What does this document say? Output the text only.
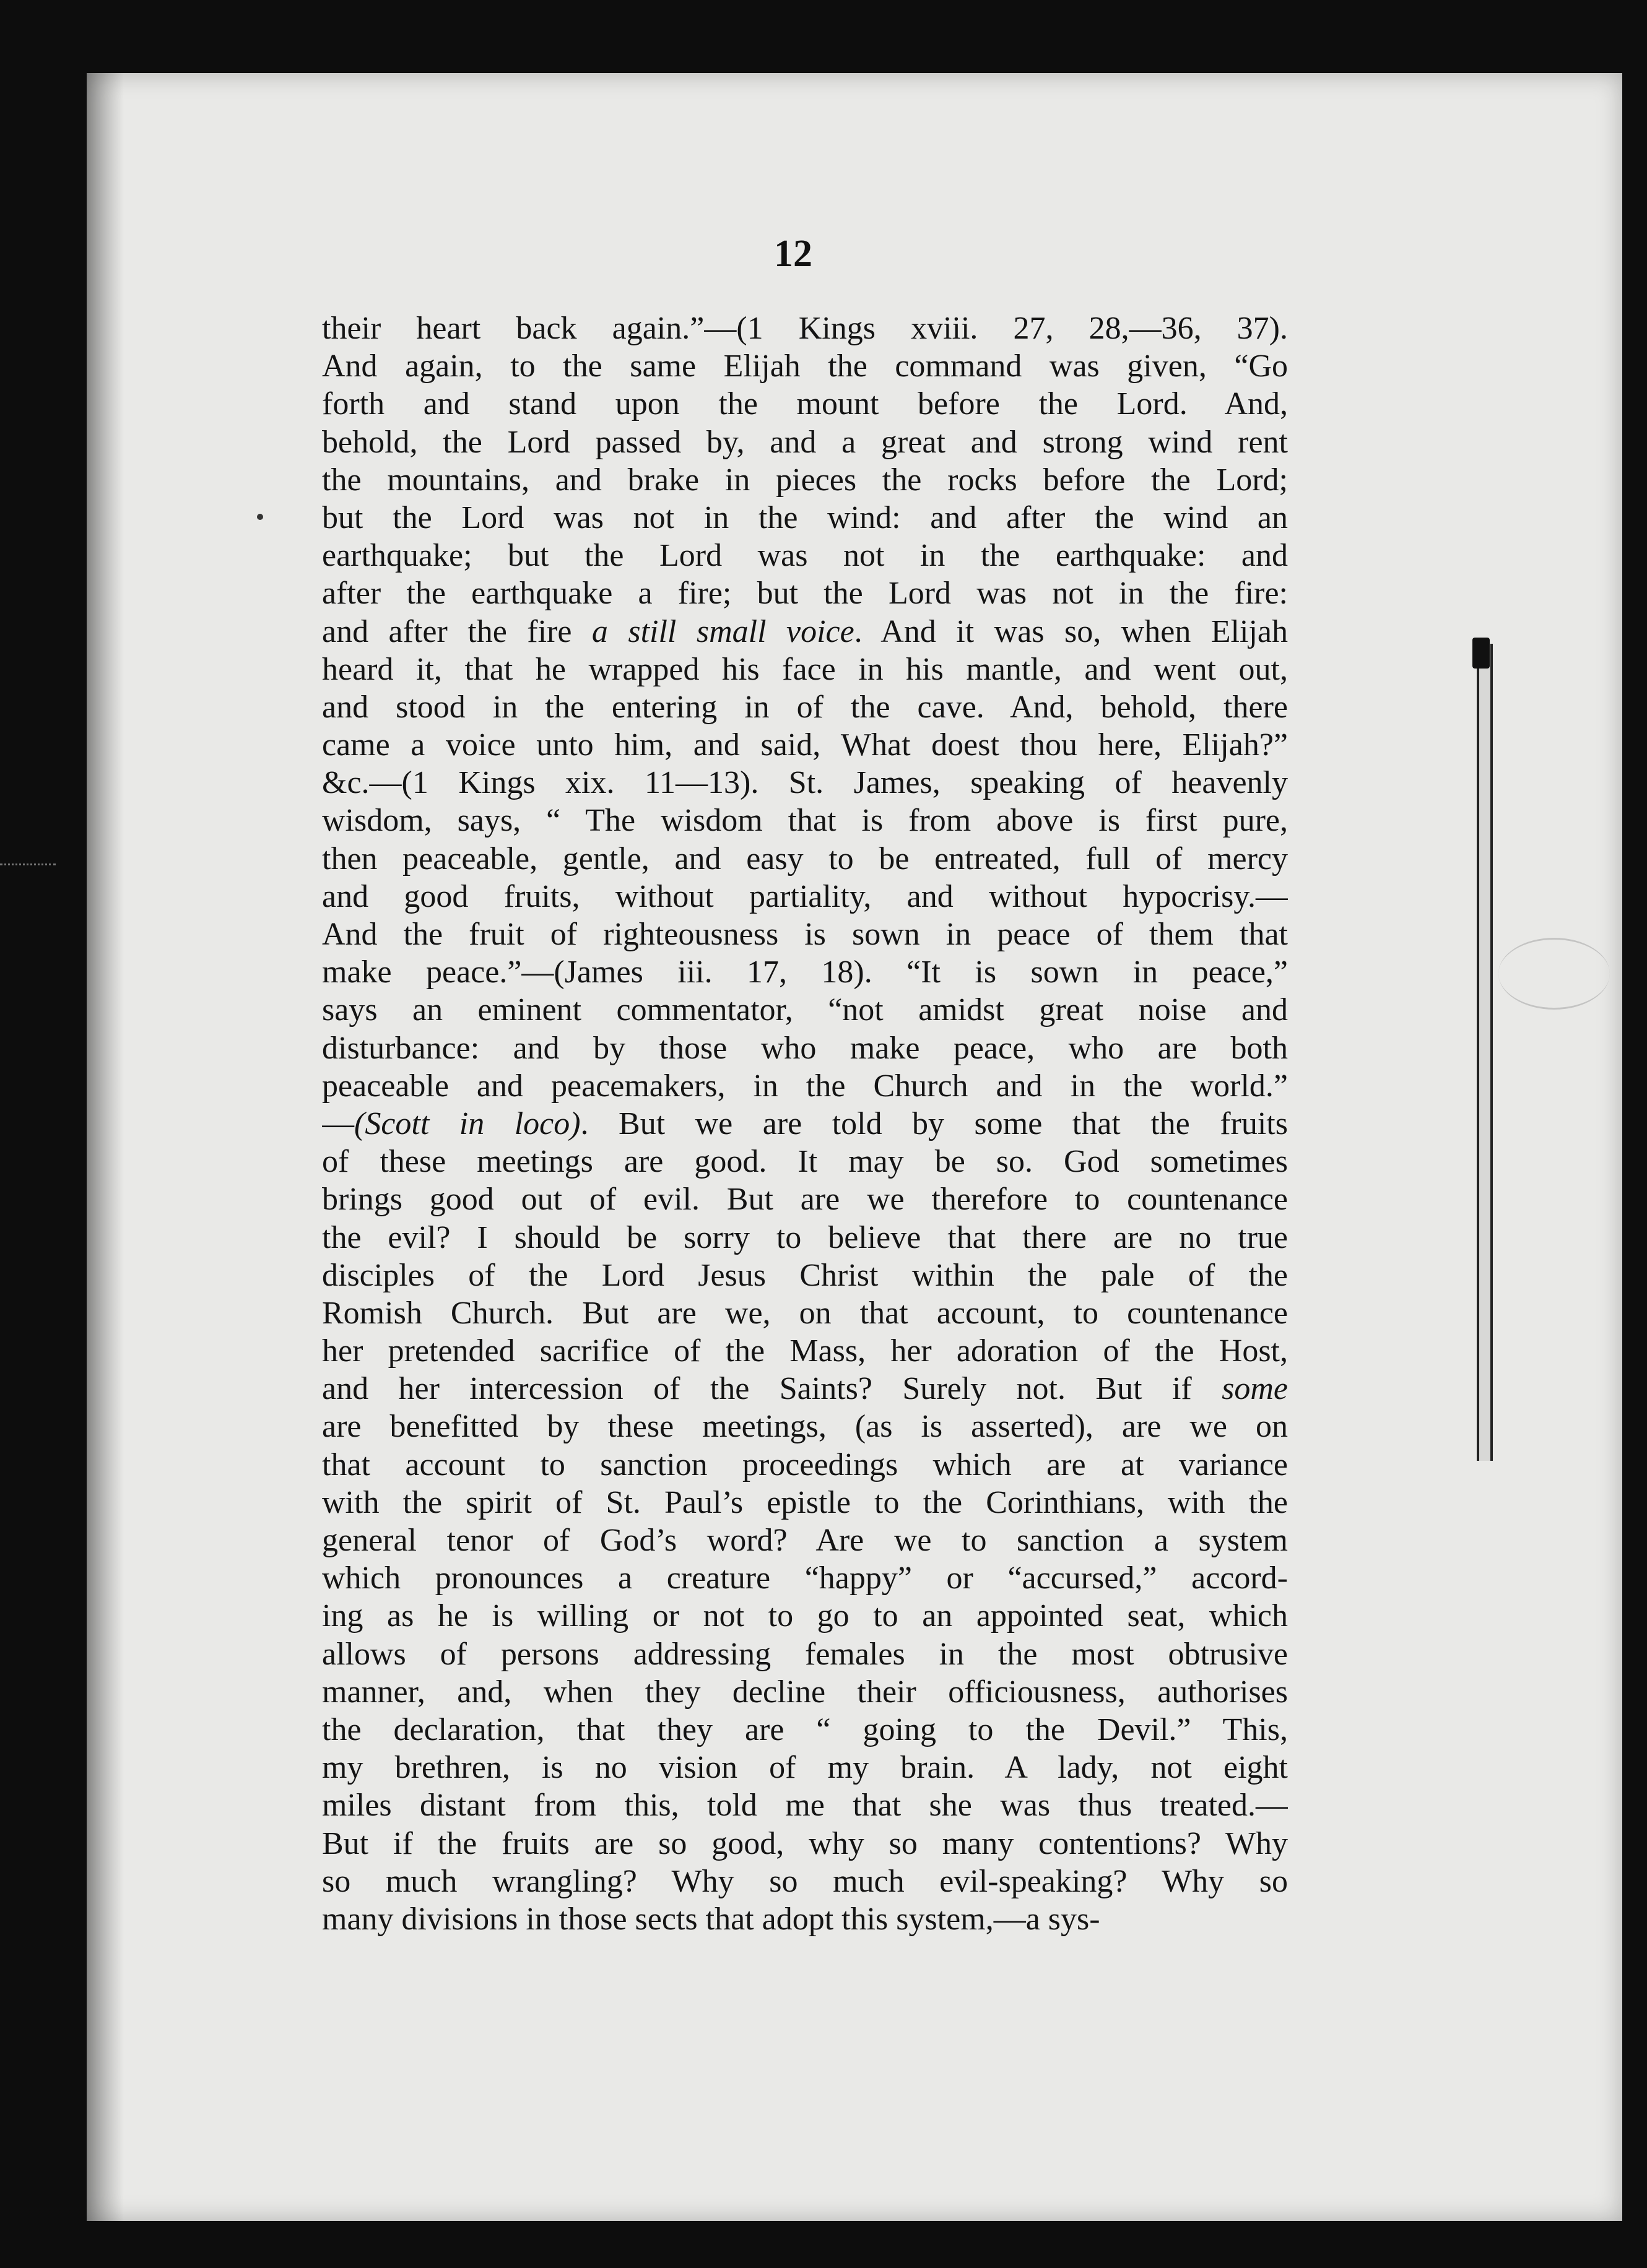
12
their heart back again.”—(1 Kings xviii. 27, 28,—36, 37).
And again, to the same Elijah the command was given, “Go
forth and stand upon the mount before the Lord. And,
behold, the Lord passed by, and a great and strong wind rent
the mountains, and brake in pieces the rocks before the Lord;
but the Lord was not in the wind: and after the wind an
earthquake; but the Lord was not in the earthquake: and
after the earthquake a fire; but the Lord was not in the fire:
and after the fire a still small voice. And it was so, when Elijah
heard it, that he wrapped his face in his mantle, and went out,
and stood in the entering in of the cave. And, behold, there
came a voice unto him, and said, What doest thou here, Elijah?”
&c.—(1 Kings xix. 11—13). St. James, speaking of heavenly
wisdom, says, “ The wisdom that is from above is first pure,
then peaceable, gentle, and easy to be entreated, full of mercy
and good fruits, without partiality, and without hypocrisy.—
And the fruit of righteousness is sown in peace of them that
make peace.”—(James iii. 17, 18). “It is sown in peace,”
says an eminent commentator, “not amidst great noise and
disturbance: and by those who make peace, who are both
peaceable and peacemakers, in the Church and in the world.”
—(Scott in loco). But we are told by some that the fruits
of these meetings are good. It may be so. God sometimes
brings good out of evil. But are we therefore to countenance
the evil? I should be sorry to believe that there are no true
disciples of the Lord Jesus Christ within the pale of the
Romish Church. But are we, on that account, to countenance
her pretended sacrifice of the Mass, her adoration of the Host,
and her intercession of the Saints? Surely not. But if some
are benefitted by these meetings, (as is asserted), are we on
that account to sanction proceedings which are at variance
with the spirit of St. Paul’s epistle to the Corinthians, with the
general tenor of God’s word? Are we to sanction a system
which pronounces a creature “happy” or “accursed,” accord-
ing as he is willing or not to go to an appointed seat, which
allows of persons addressing females in the most obtrusive
manner, and, when they decline their officiousness, authorises
the declaration, that they are “ going to the Devil.” This,
my brethren, is no vision of my brain. A lady, not eight
miles distant from this, told me that she was thus treated.—
But if the fruits are so good, why so many contentions? Why
so much wrangling? Why so much evil-speaking? Why so
many divisions in those sects that adopt this system,—a sys-
